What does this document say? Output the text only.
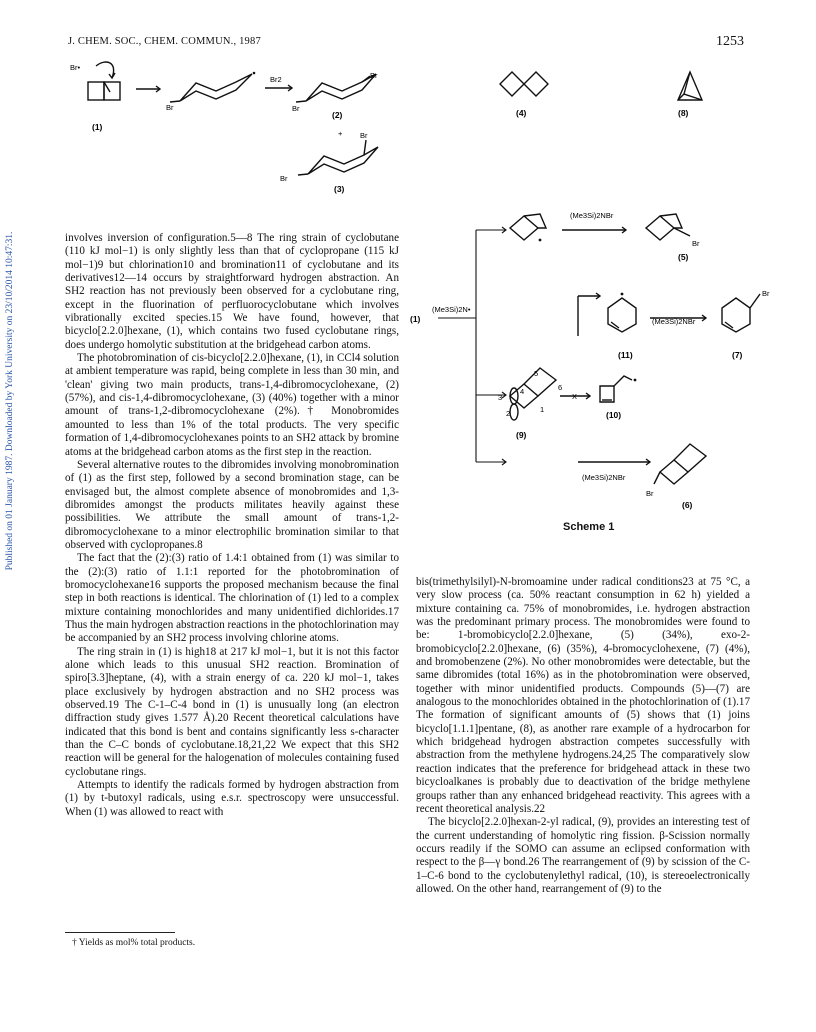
J. CHEM. SOC., CHEM. COMMUN., 1987	1253
Published on 01 January 1987. Downloaded by York University on 23/10/2014 10:47:31.
Br•
Br
Br2
Br
Br
(1)
(2)
+ Br
Br
(3)
(4)	(8)
(1)
(Me3Si)2N•
(Me3Si)2NBr
Br
(5)
(Me3Si)2NBr
Br
(11)	(7)
5
3
4	6
2	1
X
(10)
(9)
(Me3Si)2NBr
Br
(6)
Scheme 1

involves inversion of configuration.5—8 The ring strain of cyclobutane (110 kJ mol−1) is only slightly less than that of cyclopropane (115 kJ mol−1)9 but chlorination10 and bromination11 of cyclobutane and its derivatives12—14 occurs by straightforward hydrogen abstraction. An SH2 reaction has not previously been observed for a cyclobutane ring, except in the fluorination of perfluorocyclobutane which involves vibrationally excited species.15 We have found, however, that bicyclo[2.2.0]hexane, (1), which contains two fused cyclobutane rings, does undergo homolytic substitution at the bridgehead carbon atoms.

The photobromination of cis-bicyclo[2.2.0]hexane, (1), in CCl4 solution at ambient temperature was rapid, being complete in less than 30 min, and 'clean' giving two main products, trans-1,4-dibromocyclohexane, (2) (57%), and cis-1,4-dibromocyclohexane, (3) (40%) together with a minor amount of trans-1,2-dibromocyclohexane (2%).† Monobromides amounted to less than 1% of the total products. The very specific formation of 1,4-dibromocyclohexanes points to an SH2 attack by bromine atoms at the bridgehead carbon atoms as the first step in the reaction.

Several alternative routes to the dibromides involving monobromination of (1) as the first step, followed by a second bromination stage, can be envisaged but, the almost complete absence of monobromides and 1,3-dibromides amongst the products militates heavily against these possibilities. We attribute the small amount of trans-1,2-dibromocyclohexane to a minor electrophilic bromination similar to that observed with cyclopropanes.8

The fact that the (2):(3) ratio of 1.4:1 obtained from (1) was similar to the (2):(3) ratio of 1.1:1 reported for the photobromination of bromocyclohexane16 supports the proposed mechanism because the final step in both reactions is identical. The chlorination of (1) led to a complex mixture containing monochlorides and many unidentified dichlorides.17 Thus the main hydrogen abstraction reactions in the photochlorination may be accompanied by an SH2 process involving chlorine atoms.

The ring strain in (1) is high18 at 217 kJ mol−1, but it is not this factor alone which leads to this unusual SH2 reaction. Bromination of spiro[3.3]heptane, (4), with a strain energy of ca. 220 kJ mol−1, takes place exclusively by hydrogen abstraction and no SH2 process was observed.19 The C-1–C-4 bond in (1) is unusually long (an electron diffraction study gives 1.577 Å).20 Recent theoretical calculations have indicated that this bond is bent and contains significantly less s-character than the C–C bonds of cyclobutane.18,21,22 We expect that this SH2 reaction will be general for the halogenation of molecules containing fused cyclobutane rings.

Attempts to identify the radicals formed by hydrogen abstraction from (1) by t-butoxyl radicals, using e.s.r. spectroscopy were unsuccessful. When (1) was allowed to react with

bis(trimethylsilyl)-N-bromoamine under radical conditions23 at 75 °C, a very slow process (ca. 50% reactant consumption in 62 h) yielded a mixture containing ca. 75% of monobromides, i.e. hydrogen abstraction was the predominant primary process. The monobromides were found to be: 1-bromobicyclo[2.2.0]hexane, (5) (34%), exo-2-bromobicyclo[2.2.0]hexane, (6) (35%), 4-bromocyclohexene, (7) (4%), and bromobenzene (2%). No other monobromides were detectable, but the same dibromides (total 16%) as in the photobromination were observed, together with minor unidentified products. Compounds (5)—(7) are analogous to the monochlorides obtained in the photochlorination of (1).17 The formation of significant amounts of (5) shows that (1) joins bicyclo[1.1.1]pentane, (8), as another rare example of a hydrocarbon for which bridgehead hydrogen abstraction competes successfully with abstraction from the methylene hydrogens.24,25 The comparatively slow reaction indicates that the preference for bridgehead attack in these two bicycloalkanes is probably due to deactivation of the bridge methylene groups rather than any enhanced bridgehead reactivity. This agrees with a recent theoretical analysis.22

The bicyclo[2.2.0]hexan-2-yl radical, (9), provides an interesting test of the current understanding of homolytic ring fission. β-Scission normally occurs readily if the SOMO can assume an eclipsed conformation with respect to the β—γ bond.26 The rearrangement of (9) by scission of the C-1–C-6 bond to the cyclobutenylethyl radical, (10), is stereoelectronically allowed. On the other hand, rearrangement of (9) to the

† Yields as mol% total products.
